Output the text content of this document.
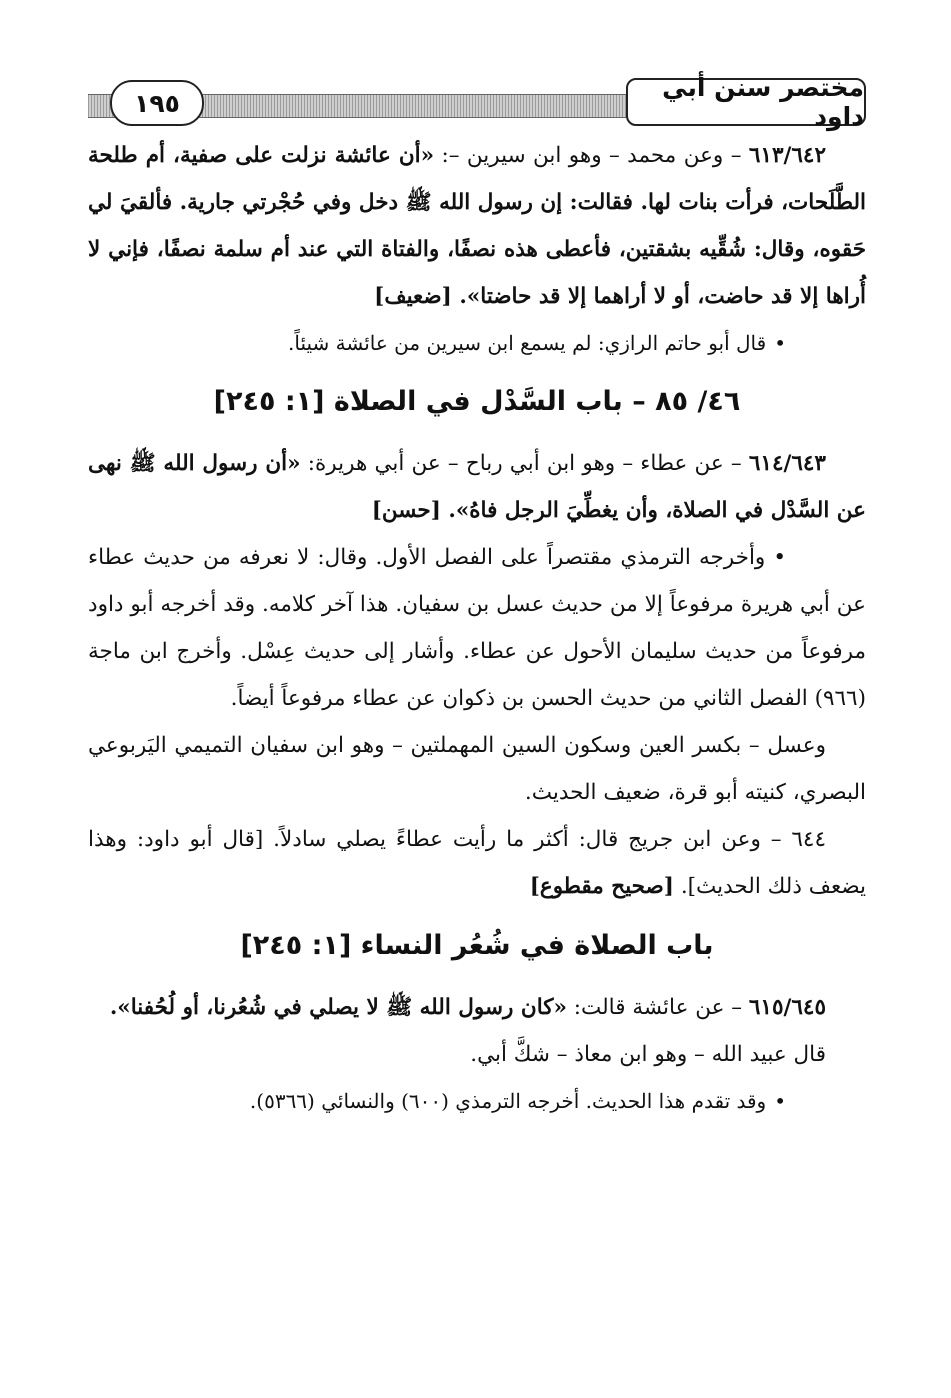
١٩٥
مختصر سنن أبي داود

٦١٣/٦٤٢ – وعن محمد – وهو ابن سيرين –: «أن عائشة نزلت على صفية، أم طلحة الطَّلَحات، فرأت بنات لها. فقالت: إن رسول الله ﷺ دخل وفي حُجْرتي جارية. فألقيَ لي حَقوه، وقال: شُقِّيه بشقتين، فأعطى هذه نصفًا، والفتاة التي عند أم سلمة نصفًا، فإني لا أُراها إلا قد حاضت، أو لا أراهما إلا قد حاضتا». [ضعيف]

•قال أبو حاتم الرازي: لم يسمع ابن سيرين من عائشة شيئاً.

٤٦/ ٨٥ – باب السَّدْل في الصلاة [١: ٢٤٥]

٦١٤/٦٤٣ – عن عطاء – وهو ابن أبي رباح – عن أبي هريرة: «أن رسول الله ﷺ نهى عن السَّدْل في الصلاة، وأن يغطِّيَ الرجل فاهُ». [حسن]

•وأخرجه الترمذي مقتصراً على الفصل الأول. وقال: لا نعرفه من حديث عطاء عن أبي هريرة مرفوعاً إلا من حديث عسل بن سفيان. هذا آخر كلامه. وقد أخرجه أبو داود مرفوعاً من حديث سليمان الأحول عن عطاء. وأشار إلى حديث عِسْل. وأخرج ابن ماجة (٩٦٦) الفصل الثاني من حديث الحسن بن ذكوان عن عطاء مرفوعاً أيضاً.

وعسل – بكسر العين وسكون السين المهملتين – وهو ابن سفيان التميمي اليَربوعي البصري، كنيته أبو قرة، ضعيف الحديث.

٦٤٤ – وعن ابن جريج قال: أكثر ما رأيت عطاءً يصلي سادلاً. [قال أبو داود: وهذا يضعف ذلك الحديث]. [صحيح مقطوع]

باب الصلاة في شُعُر النساء [١: ٢٤٥]

٦١٥/٦٤٥ – عن عائشة قالت: «كان رسول الله ﷺ لا يصلي في شُعُرنا، أو لُحُفنا».

قال عبيد الله – وهو ابن معاذ – شكَّ أبي.

•وقد تقدم هذا الحديث. أخرجه الترمذي (٦٠٠) والنسائي (٥٣٦٦).
